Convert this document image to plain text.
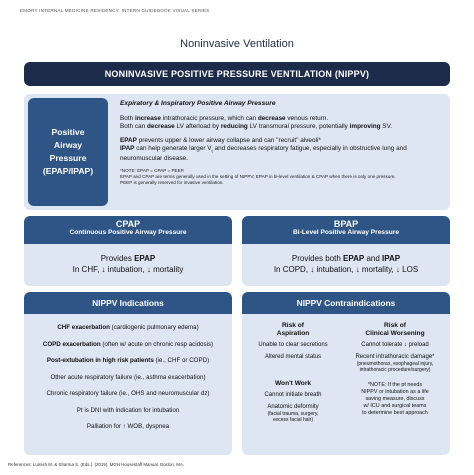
EMORY INTERNAL MEDICINE RESIDENCY: INTERN GUIDEBOOK VISUAL SERIES
Noninvasive Ventilation
NONINVASIVE POSITIVE PRESSURE VENTILATION (NIPPV)
Positive
Airway
Pressure
(EPAP/IPAP)
Expiratory & Inspiratory Positive Airway Pressure

Both increase intrathoracic pressure, which can decrease venous return.

Both can decrease LV afterload by reducing LV transmural pressure, potentially improving SV.

EPAP prevents upper & lower airway collapse and can "recruit" alveoli*

IPAP can help generate larger $V_t$ and decreases respiratory fatigue, especially in obstructive lung and neuromuscular disease.

*NOTE: EPAP = CPAP = PEEP.
EPAP and CPAP are terms generally used in the setting of NIPPV; EPAP in bi-level ventilation & CPAP when there is only one pressure.
PEEP is generally reserved for invasive ventilation.
CPAP
Continuous Positive Airway Pressure
Provides EPAP
In CHF, ↓ intubation, ↓ mortality
BPAP
Bi-Level Positive Airway Pressure
Provides both EPAP and IPAP
In COPD, ↓ intubation, ↓ mortality, ↓ LOS
NIPPV Indications
CHF exacerbation (cardiogenic pulmonary edema)
COPD exacerbation (often w/ acute on chronic resp acidosis)
Post-extubation in high risk patients (ie., CHF or COPD)
Other acute respiratory failure (ie., asthma exacerbation)
Chronic respiratory failure (ie., OHS and neuromuscular dz)
Pt is DNI with indication for intubation
Palliation for ↑ WOB, dyspnea
NIPPV Contraindications
Risk of
Aspiration
Unable to clear secretions
Altered mental status
Won't Work
Cannot initiate breath
Anatomic deformity
(facial trauma, surgery,
excess facial hair)
Risk of
Clinical Worsening
Cannot tolerate ↓ preload
Recent intrathoracic damage*
(pneumothorax, esophageal injury,
intrathoracic procedure/surgery)
*NOTE: If the pt needs
NIPPV or intubation as a life
saving measure, discuss
w/ ICU and surgical teams
to determine best approach
References: Lumish M. & Sharma S. (Eds.). (2019). MGH Housestaff Manual. Boston, MA.
